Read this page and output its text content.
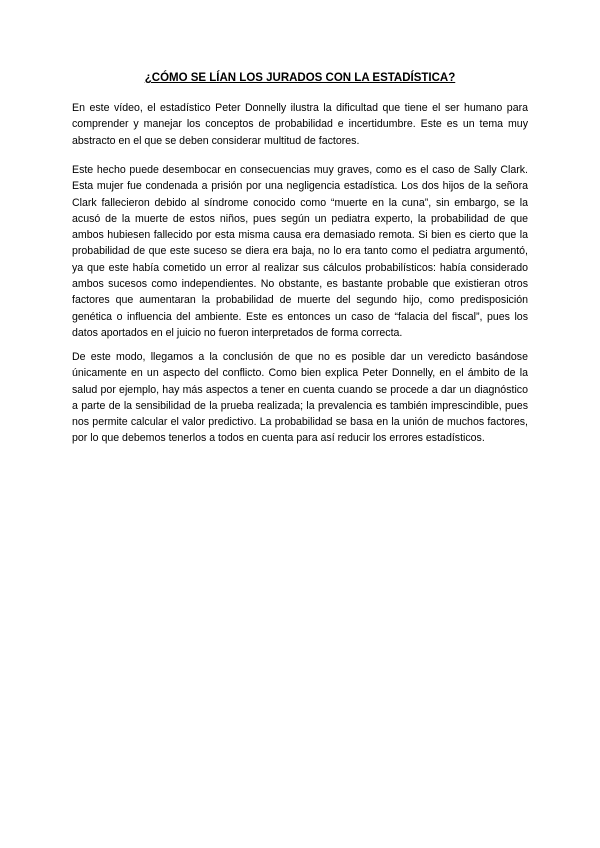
¿CÓMO SE LÍAN LOS JURADOS CON LA ESTADÍSTICA?

En este vídeo, el estadístico Peter Donnelly ilustra la dificultad que tiene el ser humano para comprender y manejar los conceptos de probabilidad e incertidumbre. Este es un tema muy abstracto en el que se deben considerar multitud de factores.

Este hecho puede desembocar en consecuencias muy graves, como es el caso de Sally Clark. Esta mujer fue condenada a prisión por una negligencia estadística. Los dos hijos de la señora Clark fallecieron debido al síndrome conocido como “muerte en la cuna”, sin embargo, se la acusó de la muerte de estos niños, pues según un pediatra experto, la probabilidad de que ambos hubiesen fallecido por esta misma causa era demasiado remota. Si bien es cierto que la probabilidad de que este suceso se diera era baja, no lo era tanto como el pediatra argumentó, ya que este había cometido un error al realizar sus cálculos probabilísticos: había considerado ambos sucesos como independientes. No obstante, es bastante probable que existieran otros factores que aumentaran la probabilidad de muerte del segundo hijo, como predisposición genética o influencia del ambiente. Este es entonces un caso de “falacia del fiscal”, pues los datos aportados en el juicio no fueron interpretados de forma correcta.

De este modo, llegamos a la conclusión de que no es posible dar un veredicto basándose únicamente en un aspecto del conflicto. Como bien explica Peter Donnelly, en el ámbito de la salud por ejemplo, hay más aspectos a tener en cuenta cuando se procede a dar un diagnóstico a parte de la sensibilidad de la prueba realizada; la prevalencia es también imprescindible, pues nos permite calcular el valor predictivo. La probabilidad se basa en la unión de muchos factores, por lo que debemos tenerlos a todos en cuenta para así reducir los errores estadísticos.
